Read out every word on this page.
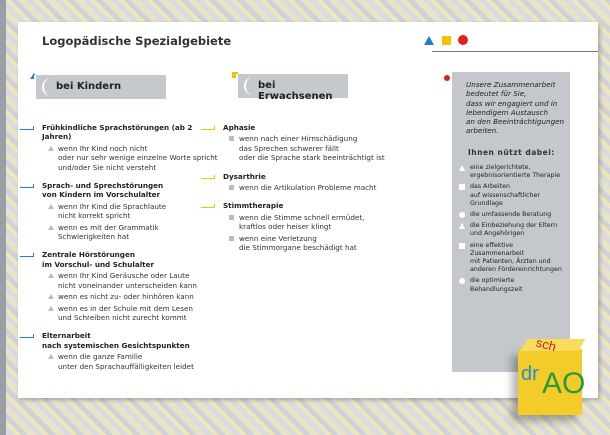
Logopädische Spezialgebiete
bei Kindern	bei Erwachsenen
Frühkindliche Sprachstörungen (ab 2 Jahren)
wenn Ihr Kind noch nicht
oder nur sehr wenige einzelne Worte spricht
und/oder Sie nicht versteht
Sprach- und Sprechstörungen
von Kindern im Vorschulalter
wenn Ihr Kind die Sprachlaute
nicht korrekt spricht
wenn es mit der Grammatik
Schwierigkeiten hat
Zentrale Hörstörungen
im Vorschul- und Schulalter
wenn Ihr Kind Geräusche oder Laute
nicht voneinander unterscheiden kann
wenn es nicht zu- oder hinhören kann
wenn es in der Schule mit dem Lesen
und Schreiben nicht zurecht kommt
Elternarbeit
nach systemischen Gesichtspunkten
wenn die ganze Familie
unter den Sprachauffälligkeiten leidet
Aphasie
wenn nach einer Hirnschädigung
das Sprechen schwerer fällt
oder die Sprache stark beeinträchtigt ist
Dysarthrie
wenn die Artikulation Probleme macht
Stimmtherapie
wenn die Stimme schnell ermüdet,
kraftlos oder heiser klingt
wenn eine Verletzung
die Stimmorgane beschädigt hat
Unsere Zusammenarbeit
bedeutet für Sie,
dass wir engagiert und in
lebendigem Austausch
an den Beeinträchtigungen
arbeiten.
Ihnen nützt dabei:
eine zielgerichtete,
ergebnisorientierte Therapie
das Arbeiten
auf wissenschaftlicher Grundlage
die umfassende Beratung
die Einbeziehung der Eltern
und Angehörigen
eine effektive Zusammenarbeit
mit Patienten, Ärzten und
anderen Fördereinrichtungen
die optimierte Behandlungszeit
sch
dr AO
